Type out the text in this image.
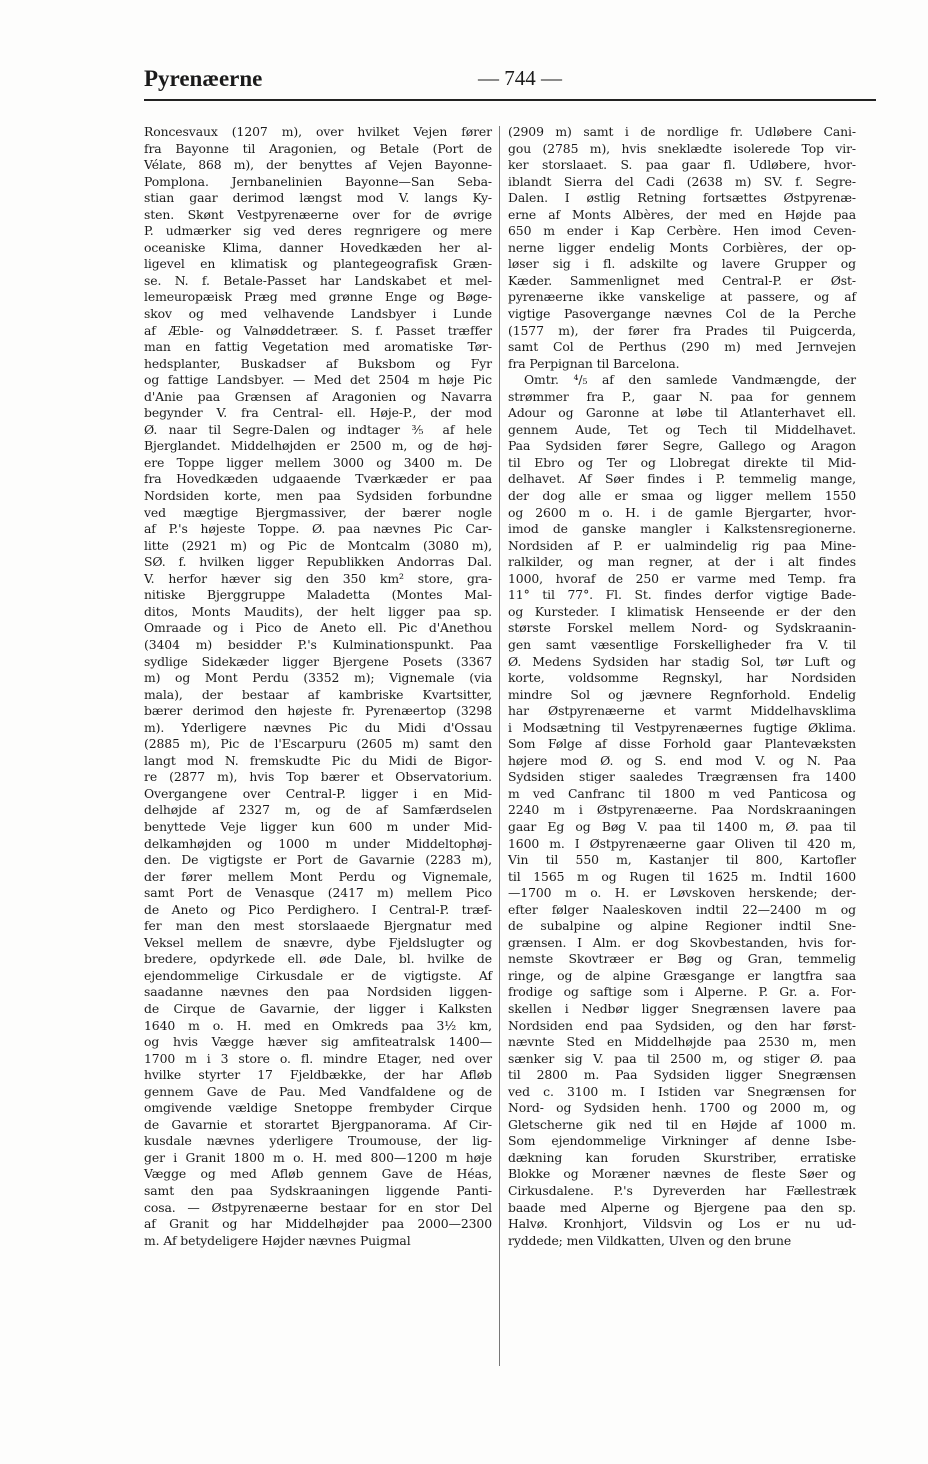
Pyrenæerne	— 744 —
Roncesvaux (1207 m), over hvilket Vejen fører
fra Bayonne til Aragonien, og Betale (Port de
Vélate, 868 m), der benyttes af Vejen Bayonne-
Pomplona. Jernbanelinien Bayonne—San Seba-
stian gaar derimod længst mod V. langs Ky-
sten. Skønt Vestpyrenæerne over for de øvrige
P. udmærker sig ved deres regnrigere og mere
oceaniske Klima, danner Hovedkæden her al-
ligevel en klimatisk og plantegeografisk Græn-
se. N. f. Betale-Passet har Landskabet et mel-
lemeuropæisk Præg med grønne Enge og Bøge-
skov og med velhavende Landsbyer i Lunde
af Æble- og Valnøddetræer. S. f. Passet træffer
man en fattig Vegetation med aromatiske Tør-
hedsplanter, Buskadser af Buksbom og Fyr
og fattige Landsbyer. — Med det 2504 m høje Pic
d'Anie paa Grænsen af Aragonien og Navarra
begynder V. fra Central- ell. Høje-P., der mod
Ø. naar til Segre-Dalen og indtager ⅗ af hele
Bjerglandet. Middelhøjden er 2500 m, og de høj-
ere Toppe ligger mellem 3000 og 3400 m. De
fra Hovedkæden udgaaende Tværkæder er paa
Nordsiden korte, men paa Sydsiden forbundne
ved mægtige Bjergmassiver, der bærer nogle
af P.'s højeste Toppe. Ø. paa nævnes Pic Car-
litte (2921 m) og Pic de Montcalm (3080 m),
SØ. f. hvilken ligger Republikken Andorras Dal.
V. herfor hæver sig den 350 km² store, gra-
nitiske Bjerggruppe Maladetta (Montes Mal-
ditos, Monts Maudits), der helt ligger paa sp.
Omraade og i Pico de Aneto ell. Pic d'Anethou
(3404 m) besidder P.'s Kulminationspunkt. Paa
sydlige Sidekæder ligger Bjergene Posets (3367
m) og Mont Perdu (3352 m); Vignemale (via
mala), der bestaar af kambriske Kvartsitter,
bærer derimod den højeste fr. Pyrenæertop (3298
m). Yderligere nævnes Pic du Midi d'Ossau
(2885 m), Pic de l'Escarpuru (2605 m) samt den
langt mod N. fremskudte Pic du Midi de Bigor-
re (2877 m), hvis Top bærer et Observatorium.
Overgangene over Central-P. ligger i en Mid-
delhøjde af 2327 m, og de af Samfærdselen
benyttede Veje ligger kun 600 m under Mid-
delkamhøjden og 1000 m under Middeltophøj-
den. De vigtigste er Port de Gavarnie (2283 m),
der fører mellem Mont Perdu og Vignemale,
samt Port de Venasque (2417 m) mellem Pico
de Aneto og Pico Perdighero. I Central-P. træf-
fer man den mest storslaaede Bjergnatur med
Veksel mellem de snævre, dybe Fjeldslugter og
bredere, opdyrkede ell. øde Dale, bl. hvilke de
ejendommelige Cirkusdale er de vigtigste. Af
saadanne nævnes den paa Nordsiden liggen-
de Cirque de Gavarnie, der ligger i Kalksten
1640 m o. H. med en Omkreds paa 3½ km,
og hvis Vægge hæver sig amfiteatralsk 1400—
1700 m i 3 store o. fl. mindre Etager, ned over
hvilke styrter 17 Fjeldbække, der har Afløb
gennem Gave de Pau. Med Vandfaldene og de
omgivende vældige Snetoppe frembyder Cirque
de Gavarnie et storartet Bjergpanorama. Af Cir-
kusdale nævnes yderligere Troumouse, der lig-
ger i Granit 1800 m o. H. med 800—1200 m høje
Vægge og med Afløb gennem Gave de Héas,
samt den paa Sydskraaningen liggende Panti-
cosa. — Østpyrenæerne bestaar for en stor Del
af Granit og har Middelhøjder paa 2000—2300
m. Af betydeligere Højder nævnes Puigmal
(2909 m) samt i de nordlige fr. Udløbere Cani-
gou (2785 m), hvis sneklædte isolerede Top vir-
ker storslaaet. S. paa gaar fl. Udløbere, hvor-
iblandt Sierra del Cadi (2638 m) SV. f. Segre-
Dalen. I østlig Retning fortsættes Østpyrenæ-
erne af Monts Albères, der med en Højde paa
650 m ender i Kap Cerbère. Hen imod Ceven-
nerne ligger endelig Monts Corbières, der op-
løser sig i fl. adskilte og lavere Grupper og
Kæder. Sammenlignet med Central-P. er Øst-
pyrenæerne ikke vanskelige at passere, og af
vigtige Pasovergange nævnes Col de la Perche
(1577 m), der fører fra Prades til Puigcerda,
samt Col de Perthus (290 m) med Jernvejen
fra Perpignan til Barcelona.
Omtr. ⁴/₅ af den samlede Vandmængde, der
strømmer fra P., gaar N. paa for gennem
Adour og Garonne at løbe til Atlanterhavet ell.
gennem Aude, Tet og Tech til Middelhavet.
Paa Sydsiden fører Segre, Gallego og Aragon
til Ebro og Ter og Llobregat direkte til Mid-
delhavet. Af Søer findes i P. temmelig mange,
der dog alle er smaa og ligger mellem 1550
og 2600 m o. H. i de gamle Bjergarter, hvor-
imod de ganske mangler i Kalkstensregionerne.
Nordsiden af P. er ualmindelig rig paa Mine-
ralkilder, og man regner, at der i alt findes
1000, hvoraf de 250 er varme med Temp. fra
11° til 77°. Fl. St. findes derfor vigtige Bade-
og Kursteder. I klimatisk Henseende er der den
største Forskel mellem Nord- og Sydskraanin-
gen samt væsentlige Forskelligheder fra V. til
Ø. Medens Sydsiden har stadig Sol, tør Luft og
korte, voldsomme Regnskyl, har Nordsiden
mindre Sol og jævnere Regnforhold. Endelig
har Østpyrenæerne et varmt Middelhavsklima
i Modsætning til Vestpyrenæernes fugtige Øklima.
Som Følge af disse Forhold gaar Plantevæksten
højere mod Ø. og S. end mod V. og N. Paa
Sydsiden stiger saaledes Trægrænsen fra 1400
m ved Canfranc til 1800 m ved Panticosa og
2240 m i Østpyrenæerne. Paa Nordskraaningen
gaar Eg og Bøg V. paa til 1400 m, Ø. paa til
1600 m. I Østpyrenæerne gaar Oliven til 420 m,
Vin til 550 m, Kastanjer til 800, Kartofler
til 1565 m og Rugen til 1625 m. Indtil 1600
—1700 m o. H. er Løvskoven herskende; der-
efter følger Naaleskoven indtil 22—2400 m og
de subalpine og alpine Regioner indtil Sne-
grænsen. I Alm. er dog Skovbestanden, hvis for-
nemste Skovtræer er Bøg og Gran, temmelig
ringe, og de alpine Græsgange er langtfra saa
frodige og saftige som i Alperne. P. Gr. a. For-
skellen i Nedbør ligger Snegrænsen lavere paa
Nordsiden end paa Sydsiden, og den har først-
nævnte Sted en Middelhøjde paa 2530 m, men
sænker sig V. paa til 2500 m, og stiger Ø. paa
til 2800 m. Paa Sydsiden ligger Snegrænsen
ved c. 3100 m. I Istiden var Snegrænsen for
Nord- og Sydsiden henh. 1700 og 2000 m, og
Gletscherne gik ned til en Højde af 1000 m.
Som ejendommelige Virkninger af denne Isbe-
dækning kan foruden Skurstriber, erratiske
Blokke og Morænеr nævnes de fleste Søer og
Cirkusdalene. P.'s Dyreverden har Fællestræk
baade med Alperne og Bjergene paa den sp.
Halvø. Kronhjort, Vildsvin og Los er nu ud-
ryddede; men Vildkatten, Ulven og den brune
